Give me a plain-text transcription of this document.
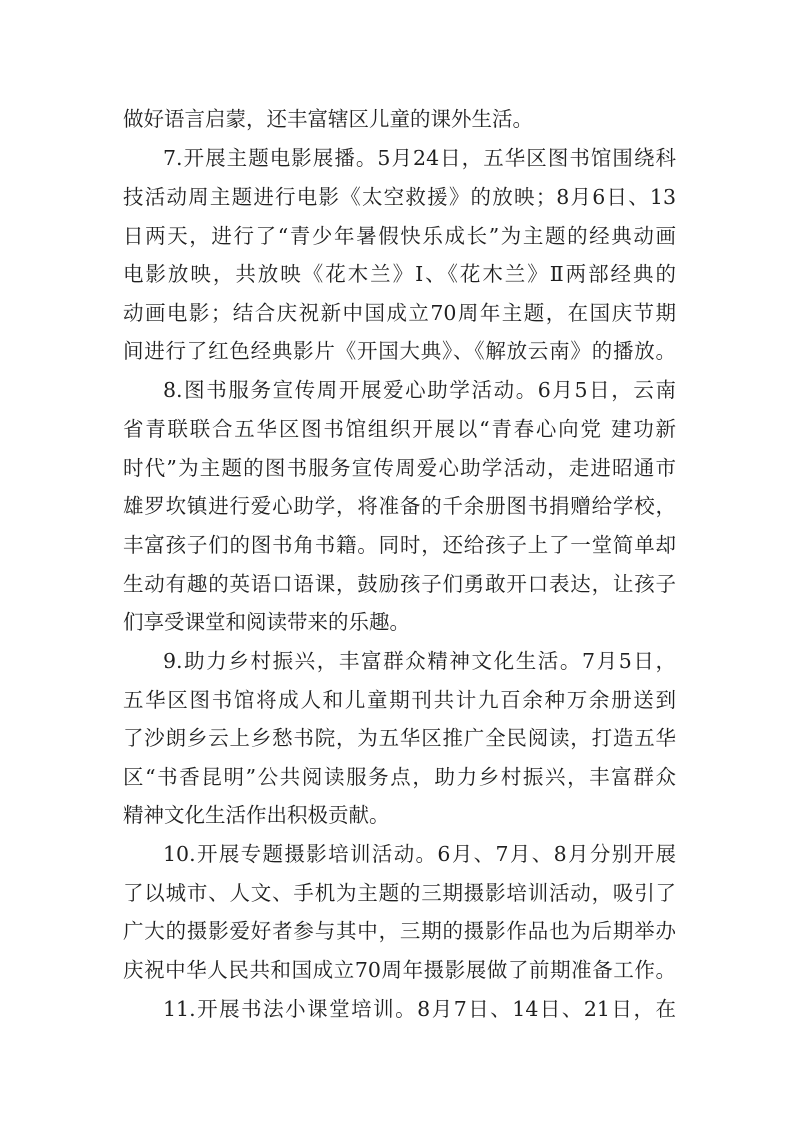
做好语言启蒙，还丰富辖区儿童的课外生活。
7.开展主题电影展播。5月24日，五华区图书馆围绕科
技活动周主题进行电影《太空救援》的放映；8月6日、13
日两天，进行了“青少年暑假快乐成长”为主题的经典动画
电影放映，共放映《花木兰》Ⅰ、《花木兰》Ⅱ两部经典的
动画电影；结合庆祝新中国成立70周年主题，在国庆节期
间进行了红色经典影片《开国大典》、《解放云南》的播放。
8.图书服务宣传周开展爱心助学活动。6月5日，云南
省青联联合五华区图书馆组织开展以“青春心向党 建功新
时代”为主题的图书服务宣传周爱心助学活动，走进昭通市
雄罗坎镇进行爱心助学，将准备的千余册图书捐赠给学校，
丰富孩子们的图书角书籍。同时，还给孩子上了一堂简单却
生动有趣的英语口语课，鼓励孩子们勇敢开口表达，让孩子
们享受课堂和阅读带来的乐趣。
9.助力乡村振兴，丰富群众精神文化生活。7月5日，
五华区图书馆将成人和儿童期刊共计九百余种万余册送到
了沙朗乡云上乡愁书院，为五华区推广全民阅读，打造五华
区“书香昆明”公共阅读服务点，助力乡村振兴，丰富群众
精神文化生活作出积极贡献。
10.开展专题摄影培训活动。6月、7月、8月分别开展
了以城市、人文、手机为主题的三期摄影培训活动，吸引了
广大的摄影爱好者参与其中，三期的摄影作品也为后期举办
庆祝中华人民共和国成立70周年摄影展做了前期准备工作。
11.开展书法小课堂培训。8月7日、14日、21日，在
